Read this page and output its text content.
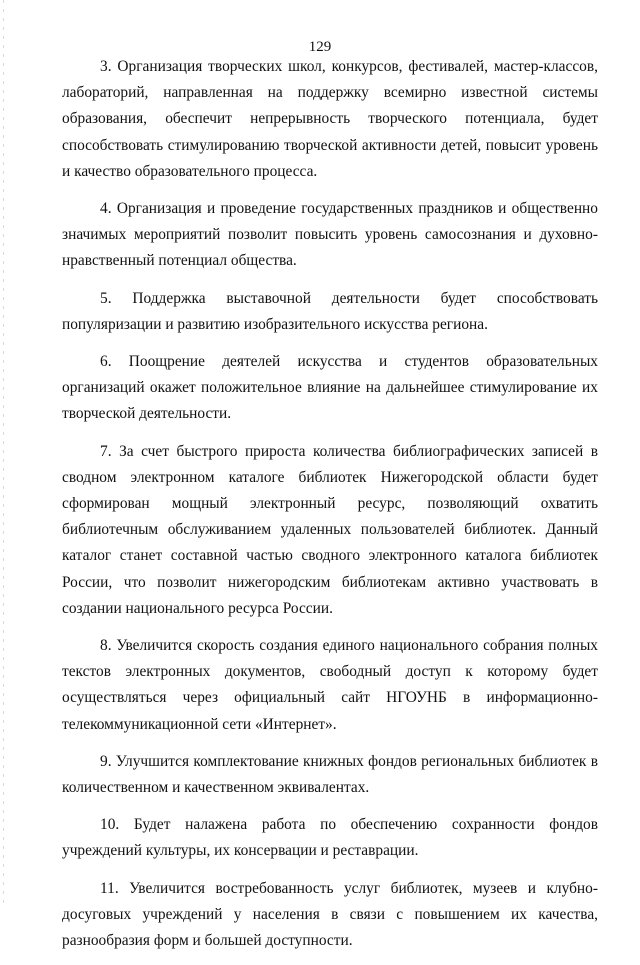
129

3. Организация творческих школ, конкурсов, фестивалей, мастер-классов, лабораторий, направленная на поддержку всемирно известной системы образования, обеспечит непрерывность творческого потенциала, будет способствовать стимулированию творческой активности детей, повысит уровень и качество образовательного процесса.

4. Организация и проведение государственных праздников и общественно значимых мероприятий позволит повысить уровень самосознания и духовно-нравственный потенциал общества.

5. Поддержка выставочной деятельности будет способствовать популяризации и развитию изобразительного искусства региона.

6. Поощрение деятелей искусства и студентов образовательных организаций окажет положительное влияние на дальнейшее стимулирование их творческой деятельности.

7. За счет быстрого прироста количества библиографических записей в сводном электронном каталоге библиотек Нижегородской области будет сформирован мощный электронный ресурс, позволяющий охватить библиотечным обслуживанием удаленных пользователей библиотек. Данный каталог станет составной частью сводного электронного каталога библиотек России, что позволит нижегородским библиотекам активно участвовать в создании национального ресурса России.

8. Увеличится скорость создания единого национального собрания полных текстов электронных документов, свободный доступ к которому будет осуществляться через официальный сайт НГОУНБ в информационно-телекоммуникационной сети «Интернет».

9. Улучшится комплектование книжных фондов региональных библиотек в количественном и качественном эквивалентах.

10. Будет налажена работа по обеспечению сохранности фондов учреждений культуры, их консервации и реставрации.

11. Увеличится востребованность услуг библиотек, музеев и клубно-досуговых учреждений у населения в связи с повышением их качества, разнообразия форм и большей доступности.
